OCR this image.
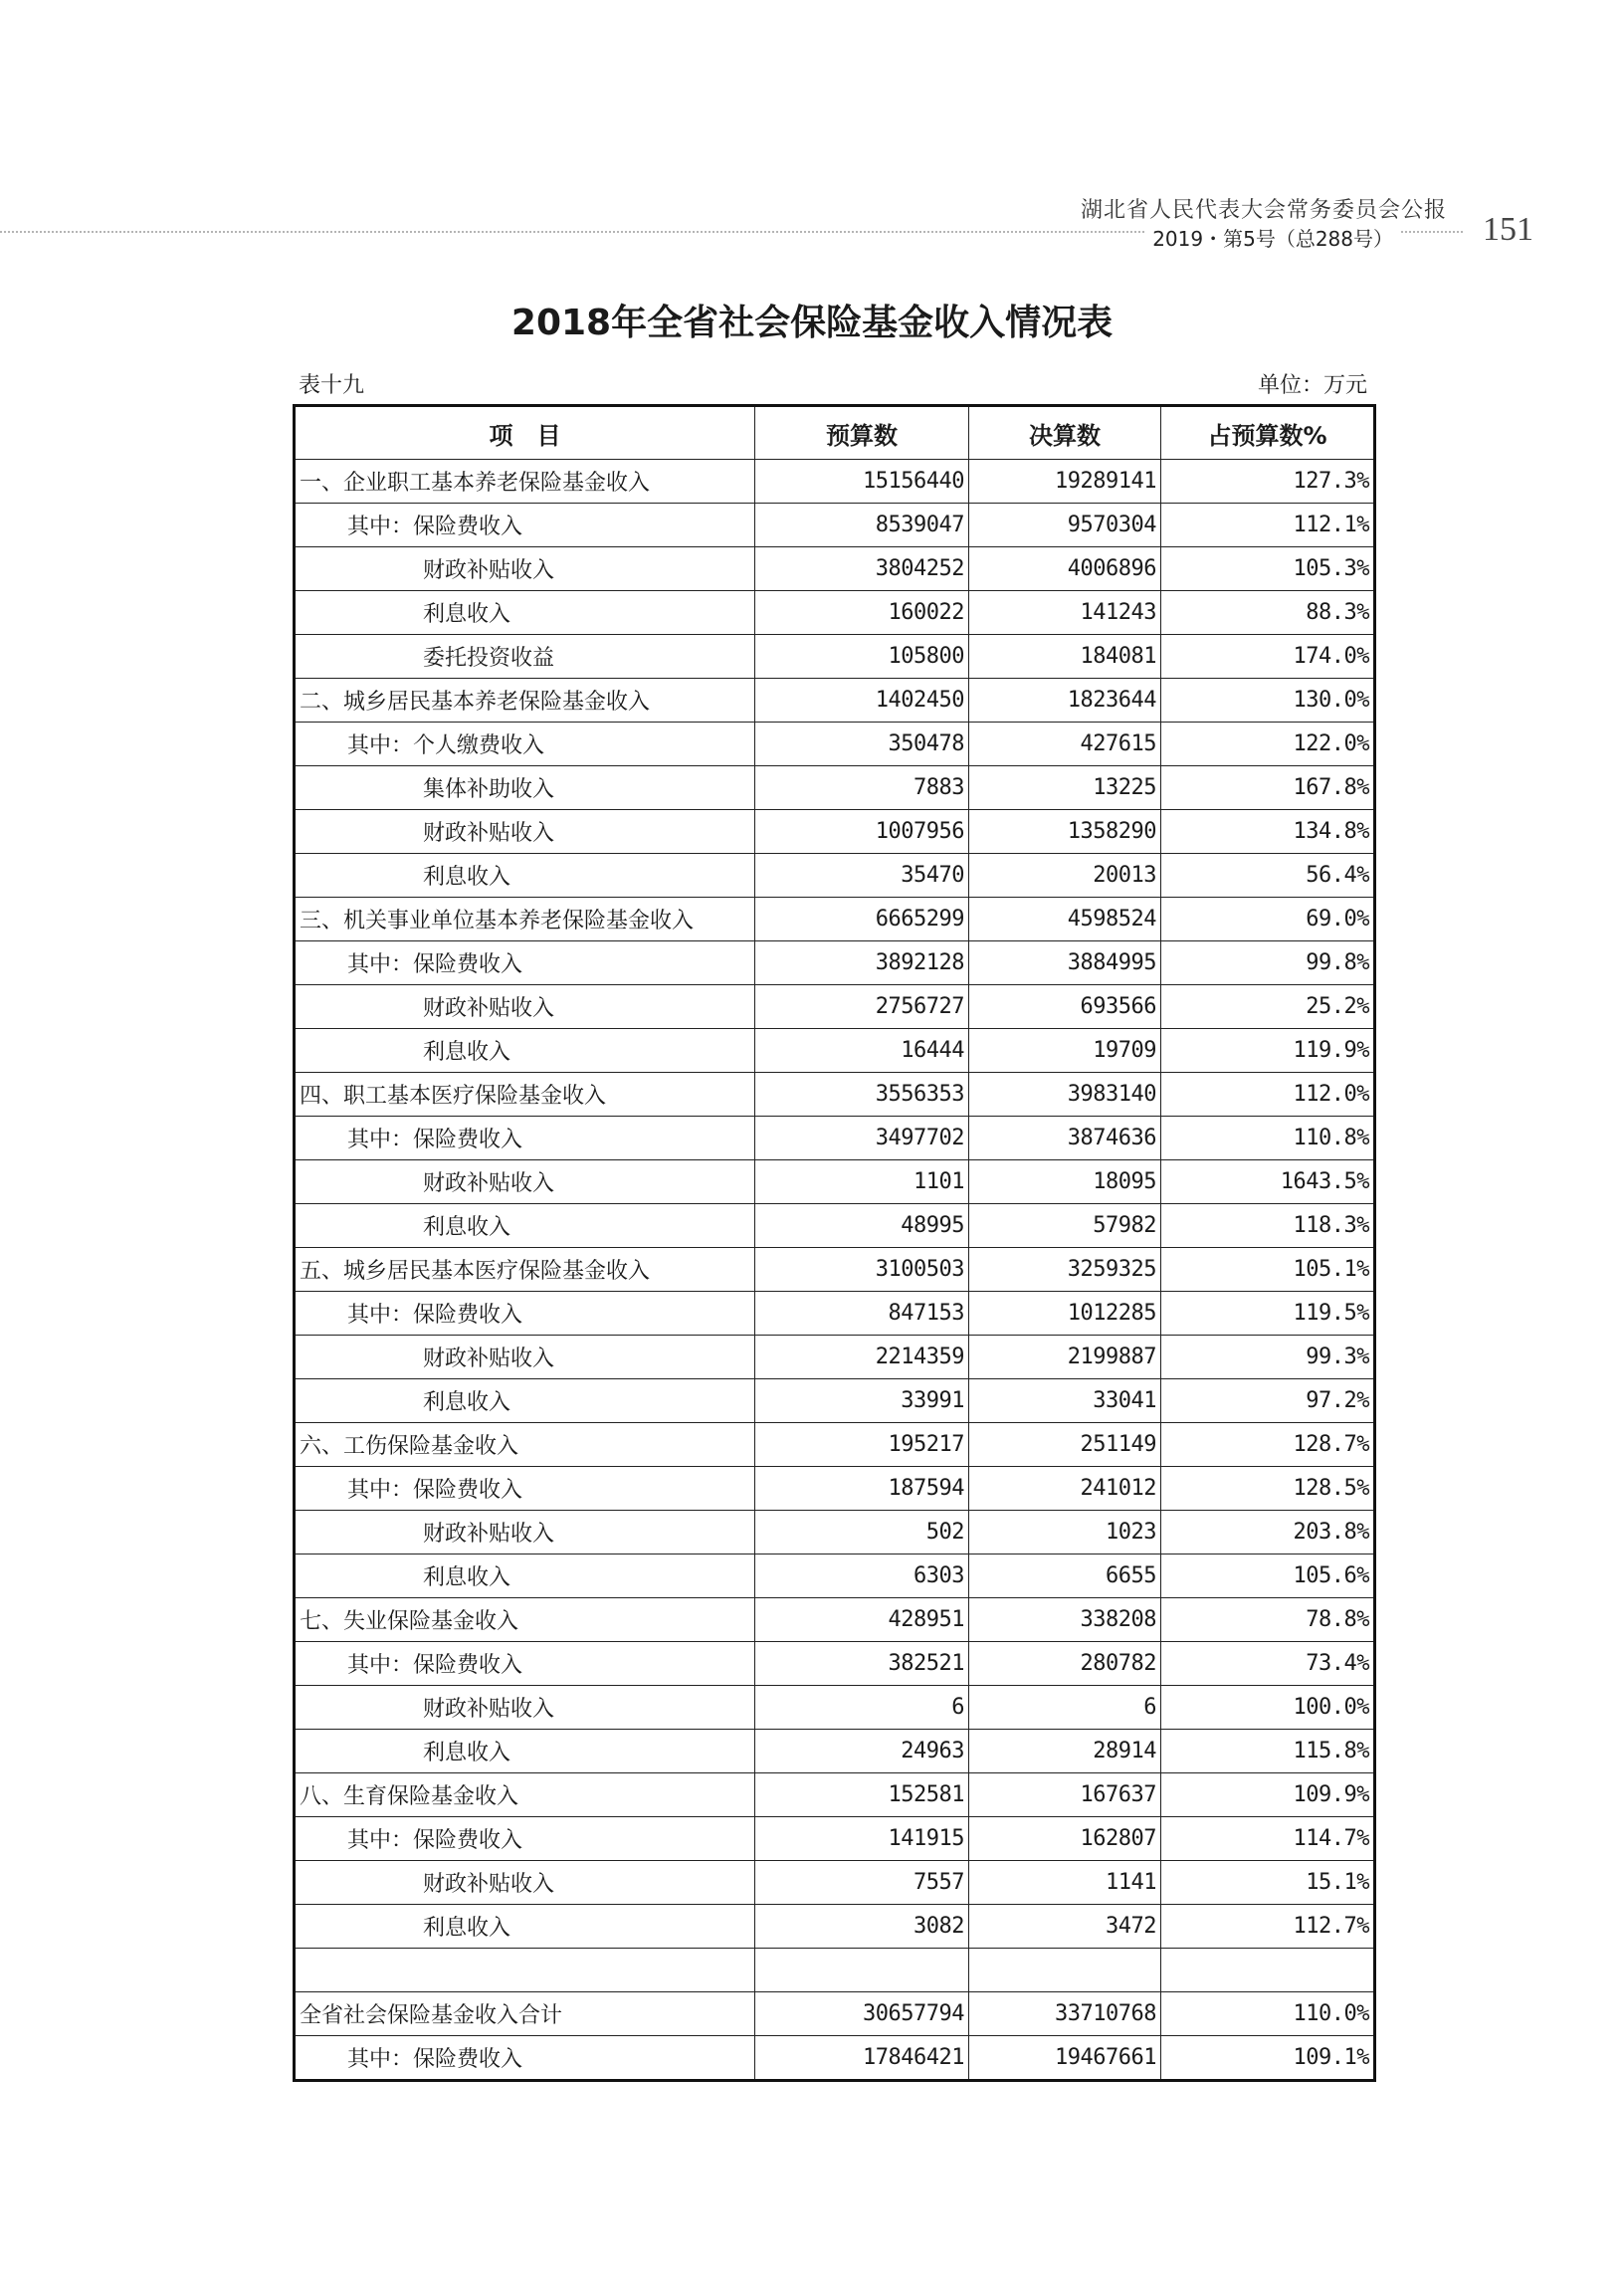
湖北省人民代表大会常务委员会公报
2019・第5号（总288号）	151
2018年全省社会保险基金收入情况表
表十九	单位：万元
项　目	预算数	决算数	占预算数%
一、企业职工基本养老保险基金收入	15156440	19289141	127.3%
其中：保险费收入	8539047	9570304	112.1%
财政补贴收入	3804252	4006896	105.3%
利息收入	160022	141243	88.3%
委托投资收益	105800	184081	174.0%
二、城乡居民基本养老保险基金收入	1402450	1823644	130.0%
其中：个人缴费收入	350478	427615	122.0%
集体补助收入	7883	13225	167.8%
财政补贴收入	1007956	1358290	134.8%
利息收入	35470	20013	56.4%
三、机关事业单位基本养老保险基金收入	6665299	4598524	69.0%
其中：保险费收入	3892128	3884995	99.8%
财政补贴收入	2756727	693566	25.2%
利息收入	16444	19709	119.9%
四、职工基本医疗保险基金收入	3556353	3983140	112.0%
其中：保险费收入	3497702	3874636	110.8%
财政补贴收入	1101	18095	1643.5%
利息收入	48995	57982	118.3%
五、城乡居民基本医疗保险基金收入	3100503	3259325	105.1%
其中：保险费收入	847153	1012285	119.5%
财政补贴收入	2214359	2199887	99.3%
利息收入	33991	33041	97.2%
六、工伤保险基金收入	195217	251149	128.7%
其中：保险费收入	187594	241012	128.5%
财政补贴收入	502	1023	203.8%
利息收入	6303	6655	105.6%
七、失业保险基金收入	428951	338208	78.8%
其中：保险费收入	382521	280782	73.4%
财政补贴收入	6	6	100.0%
利息收入	24963	28914	115.8%
八、生育保险基金收入	152581	167637	109.9%
其中：保险费收入	141915	162807	114.7%
财政补贴收入	7557	1141	15.1%
利息收入	3082	3472	112.7%

全省社会保险基金收入合计	30657794	33710768	110.0%
其中：保险费收入	17846421	19467661	109.1%
